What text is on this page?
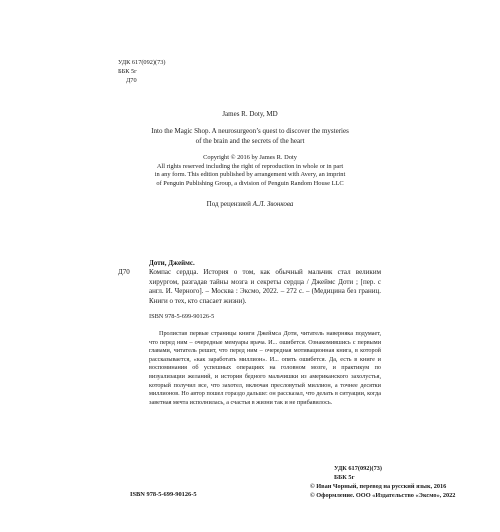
УДК 617(092)(73)
ББК 5г
Д70
James R. Doty, MD
Into the Magic Shop. A neurosurgeon’s quest to discover the mysteries
of the brain and the secrets of the heart
Copyright © 2016 by James R. Doty
All rights reserved including the right of reproduction in whole or in part
in any form. This edition published by arrangement with Avery, an imprint
of Penguin Publishing Group, a division of Penguin Random House LLC
Под рецензией А.Л. Звонкова
Доти, Джеймс.
Д70	Компас сердца. История о том, как обычный мальчик стал великим хирургом, разгадав тайны мозга и секреты сердца / Джеймс Доти ; [пер. с англ. И. Черного]. – Москва : Эксмо, 2022. – 272 с. – (Медицина без границ. Книги о тех, кто спасает жизни).
ISBN 978-5-699-90126-5

Пролистав первые страницы книги Джеймса Доти, читатель наверняка подумает, что перед ним – очередные мемуары врача. И... ошибется. Ознакомившись с первыми главами, читатель решит, что перед ним – очередная мотивационная книга, в которой рассказывается, «как заработать миллион». И... опять ошибется. Да, есть в книге и воспоминания об успешных операциях на головном мозге, и практикум по визуализации желаний, и история бедного мальчишки из американского захолустья, который получил все, что захотел, включая пресловутый миллион, а точнее десятки миллионов. Но автор пошел гораздо дальше: он рассказал, что делать в ситуации, когда заветная мечта исполнилась, а счастья в жизни так и не прибавилось.

УДК 617(092)(73)
ББК 5г
ISBN 978-5-699-90126-5
© Иван Чорный, перевод на русский язык, 2016
© Оформление. ООО «Издательство «Эксмо», 2022
